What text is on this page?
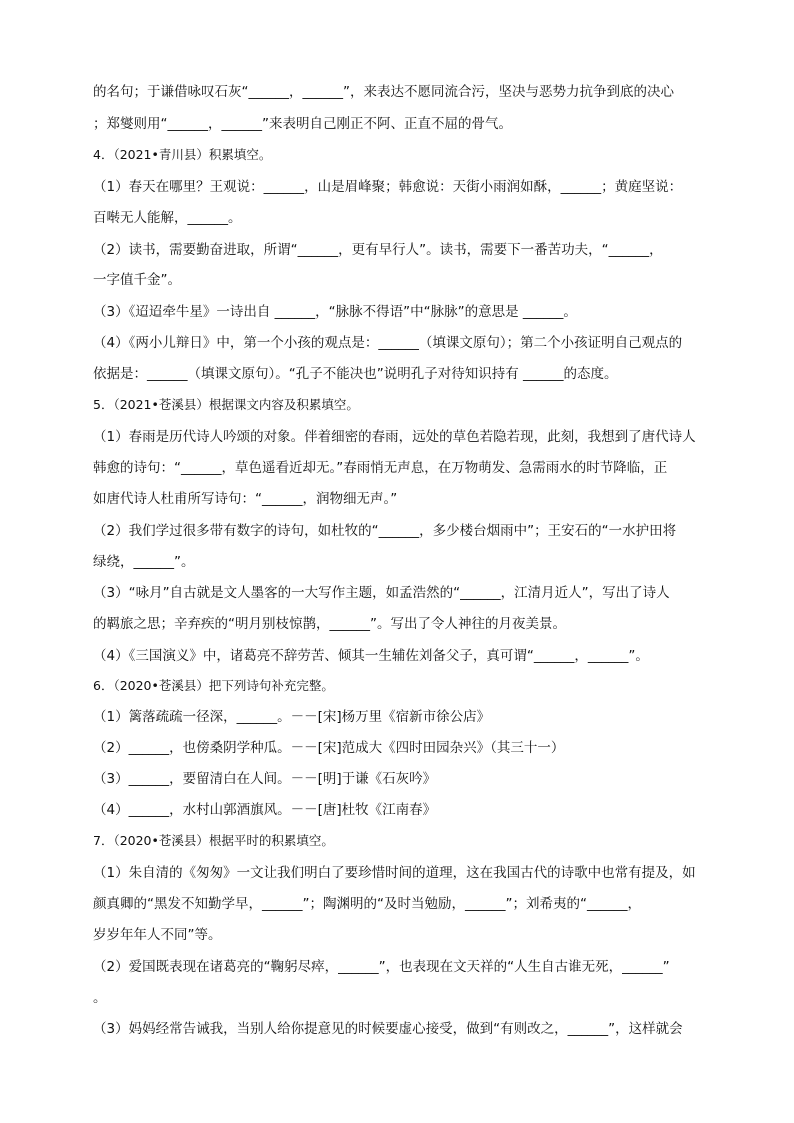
的名句；于谦借咏叹石灰“______，______”，来表达不愿同流合污，坚决与恶势力抗争到底的决心
；郑燮则用“______，______”来表明自己刚正不阿、正直不屈的骨气。
4．（2021•青川县）积累填空。
（1）春天在哪里？王观说：______，山是眉峰聚；韩愈说：天街小雨润如酥，______；黄庭坚说：
百啭无人能解，______。
（2）读书，需要勤奋进取，所谓“______，更有早行人”。读书，需要下一番苦功夫，“______，
一字值千金”。
（3）《迢迢牵牛星》一诗出自 ______，“脉脉不得语”中“脉脉”的意思是 ______。
（4）《两小儿辩日》中，第一个小孩的观点是：______（填课文原句）；第二个小孩证明自己观点的
依据是：______（填课文原句）。“孔子不能决也”说明孔子对待知识持有 ______的态度。
5．（2021•苍溪县）根据课文内容及积累填空。
（1）春雨是历代诗人吟颂的对象。伴着细密的春雨，远处的草色若隐若现，此刻，我想到了唐代诗人
韩愈的诗句：“______，草色遥看近却无。”春雨悄无声息，在万物萌发、急需雨水的时节降临，正
如唐代诗人杜甫所写诗句：“______，润物细无声。”
（2）我们学过很多带有数字的诗句，如杜牧的“______，多少楼台烟雨中”；王安石的“一水护田将
绿绕，______”。
（3）“咏月”自古就是文人墨客的一大写作主题，如孟浩然的“______，江清月近人”，写出了诗人
的羁旅之思；辛弃疾的“明月别枝惊鹊，______”。写出了令人神往的月夜美景。
（4）《三国演义》中，诸葛亮不辞劳苦、倾其一生辅佐刘备父子，真可谓“______，______”。
6．（2020•苍溪县）把下列诗句补充完整。
（1）篱落疏疏一径深，______。－－[宋]杨万里《宿新市徐公店》
（2）______，也傍桑阴学种瓜。－－[宋]范成大《四时田园杂兴》（其三十一）
（3）______，要留清白在人间。－－[明]于谦《石灰吟》
（4）______，水村山郭酒旗风。－－[唐]杜牧《江南春》
7．（2020•苍溪县）根据平时的积累填空。
（1）朱自清的《匆匆》一文让我们明白了要珍惜时间的道理，这在我国古代的诗歌中也常有提及，如
颜真卿的“黑发不知勤学早，______”；陶渊明的“及时当勉励，______”；刘希夷的“______，
岁岁年年人不同”等。
（2）爱国既表现在诸葛亮的“鞠躬尽瘁，______”，也表现在文天祥的“人生自古谁无死，______”
。
（3）妈妈经常告诫我，当别人给你提意见的时候要虚心接受，做到“有则改之，______”，这样就会
